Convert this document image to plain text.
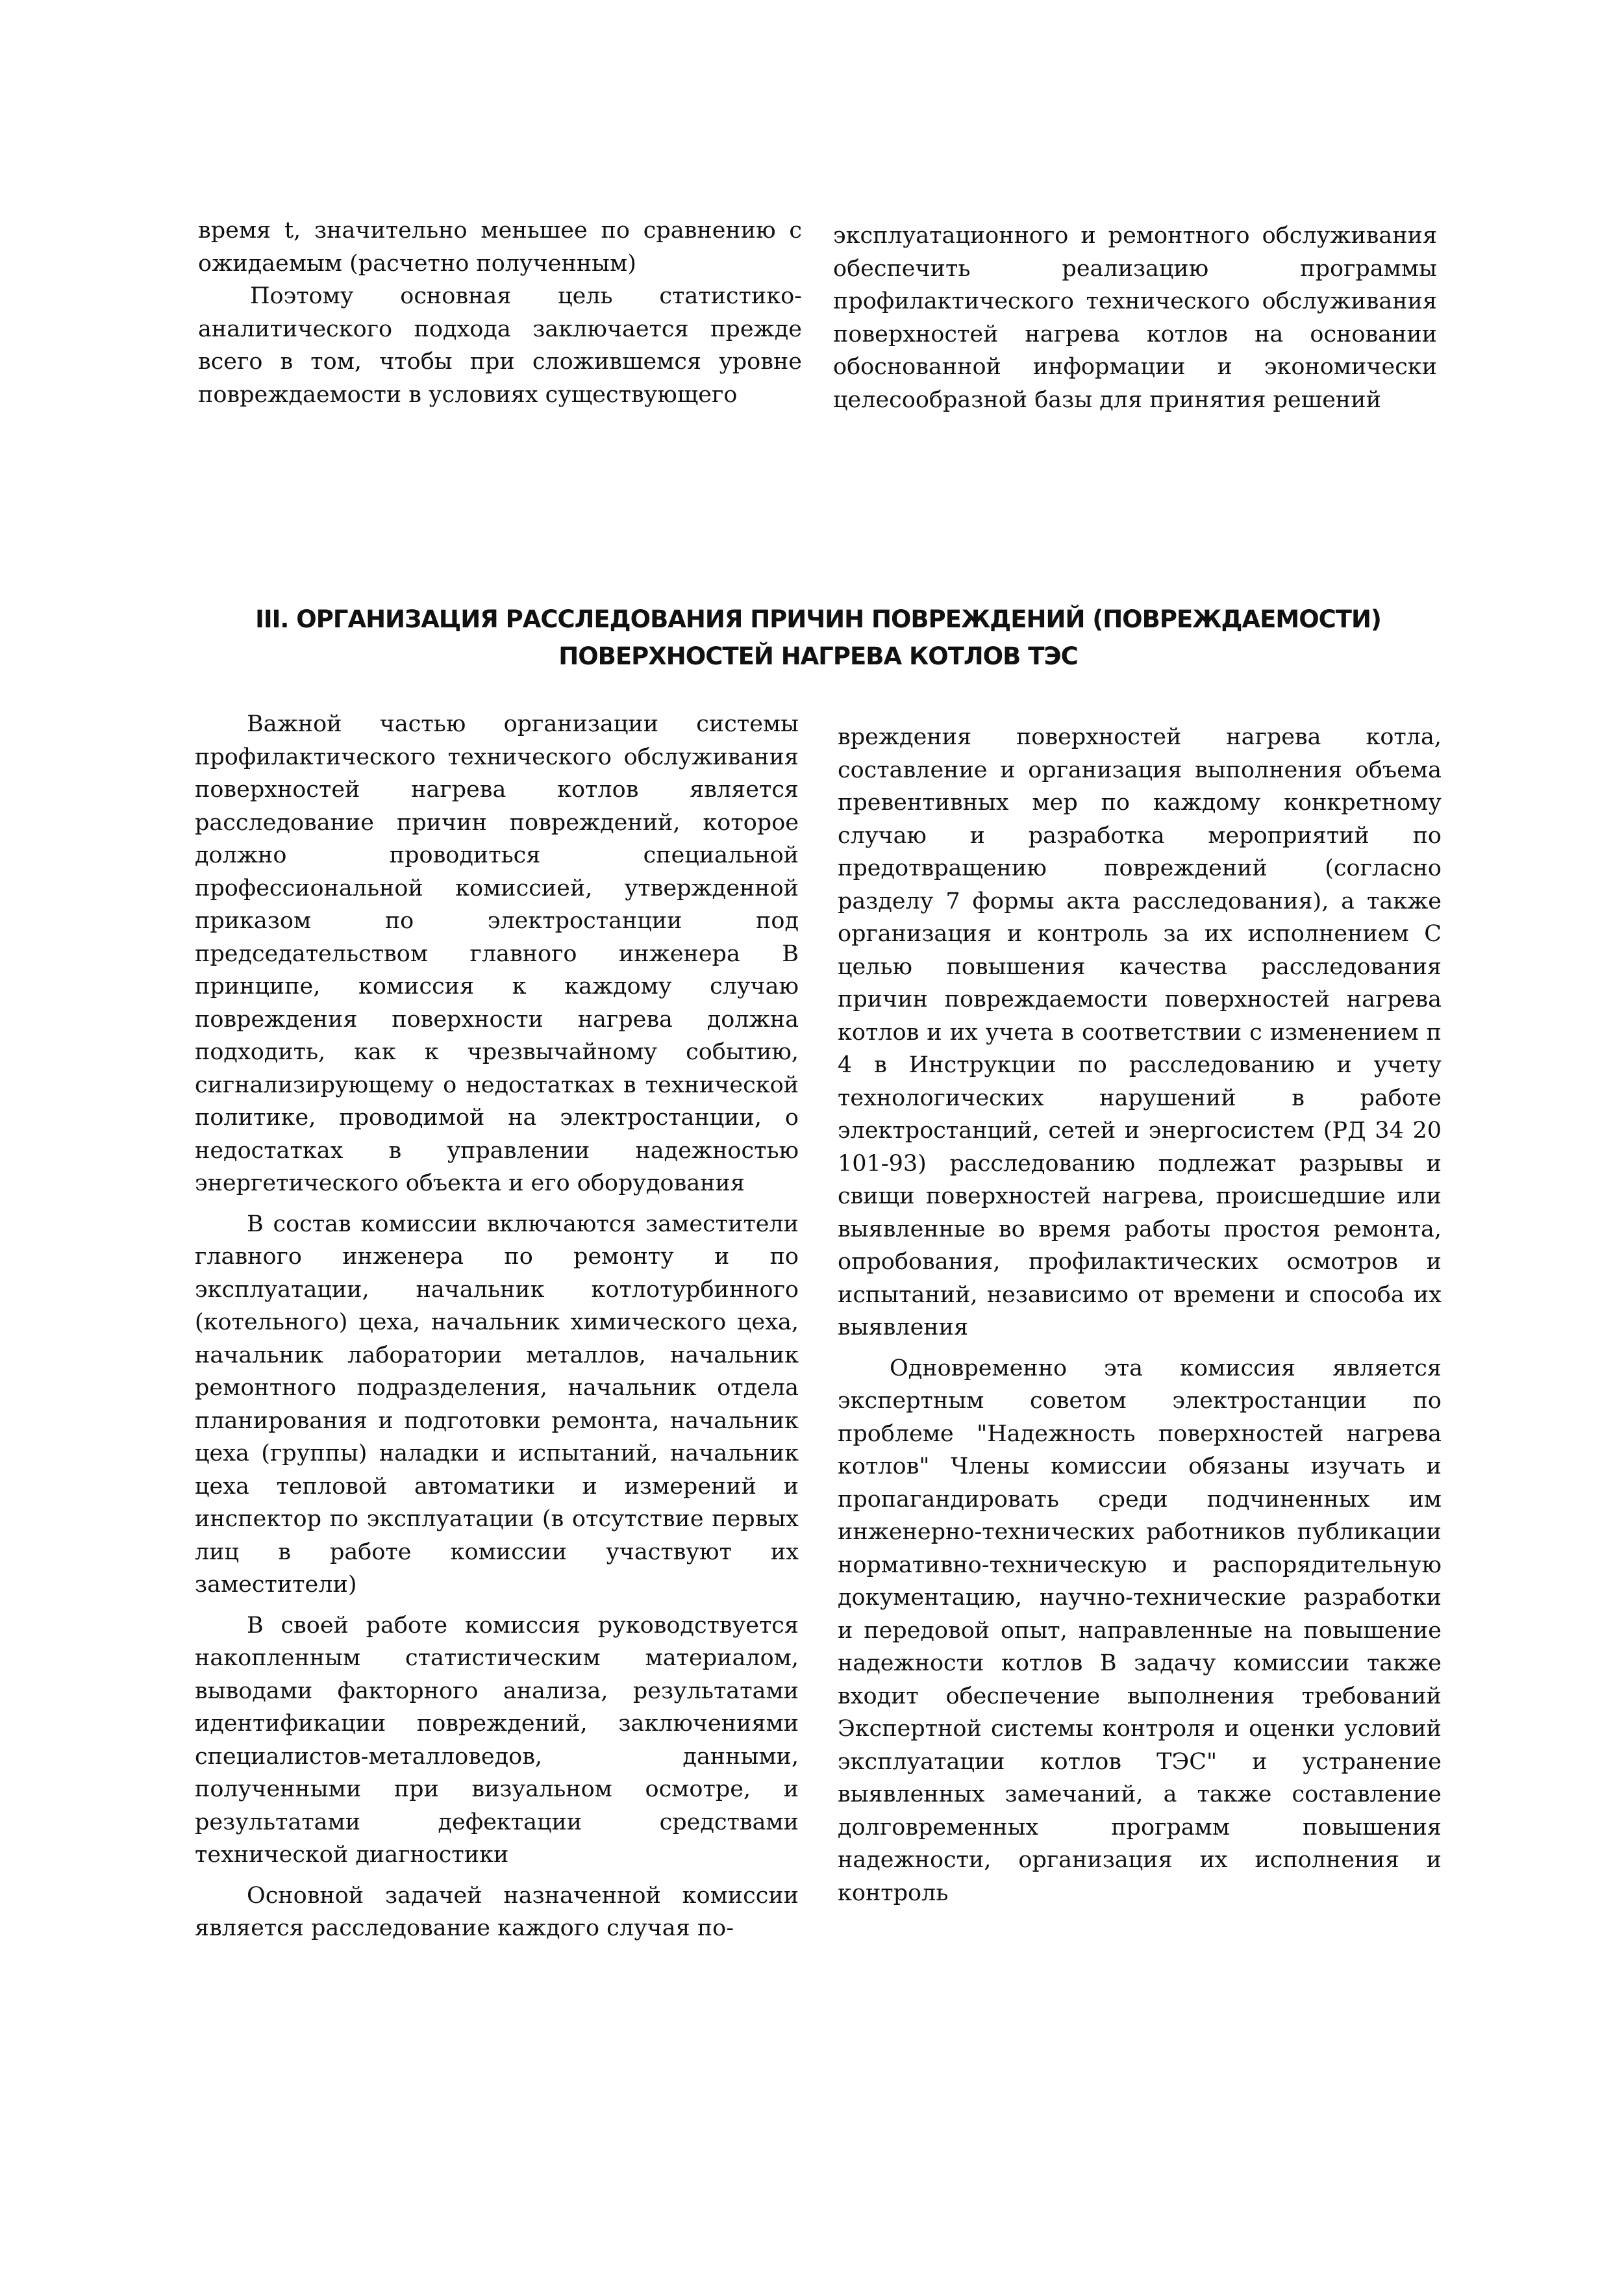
время t, значительно меньшее по сравнению с ожидаемым (расчетно полученным)

Поэтому основная цель статистико-аналитического подхода заключается прежде всего в том, чтобы при сложившемся уровне повреждаемости в условиях существующего

эксплуатационного и ремонтного обслуживания обеспечить реализацию программы профилактического технического обслуживания поверхностей нагрева котлов на основании обоснованной информации и экономически целесообразной базы для принятия решений

III. ОРГАНИЗАЦИЯ РАССЛЕДОВАНИЯ ПРИЧИН ПОВРЕЖДЕНИЙ (ПОВРЕЖДАЕМОСТИ)
ПОВЕРХНОСТЕЙ НАГРЕВА КОТЛОВ ТЭС

Важной частью организации системы профилактического технического обслуживания поверхностей нагрева котлов является расследование причин повреждений, которое должно проводиться специальной профессиональной комиссией, утвержденной приказом по электростанции под председательством главного инженера В принципе, комиссия к каждому случаю повреждения поверхности нагрева должна подходить, как к чрезвычайному событию, сигнализирующему о недостатках в технической политике, проводимой на электростанции, о недостатках в управлении надежностью энергетического объекта и его оборудования

В состав комиссии включаются заместители главного инженера по ремонту и по эксплуатации, начальник котлотурбинного (котельного) цеха, начальник химического цеха, начальник лаборатории металлов, начальник ремонтного подразделения, начальник отдела планирования и подготовки ремонта, начальник цеха (группы) наладки и испытаний, начальник цеха тепловой автоматики и измерений и инспектор по эксплуатации (в отсутствие первых лиц в работе комиссии участвуют их заместители)

В своей работе комиссия руководствуется накопленным статистическим материалом, выводами факторного анализа, результатами идентификации повреждений, заключениями специалистов-металловедов, данными, полученными при визуальном осмотре, и результатами дефектации средствами технической диагностики

Основной задачей назначенной комиссии является расследование каждого случая по-

вреждения поверхностей нагрева котла, составление и организация выполнения объема превентивных мер по каждому конкретному случаю и разработка мероприятий по предотвращению повреждений (согласно разделу 7 формы акта расследования), а также организация и контроль за их исполнением С целью повышения качества расследования причин повреждаемости поверхностей нагрева котлов и их учета в соответствии с изменением п 4 в Инструкции по расследованию и учету технологических нарушений в работе электростанций, сетей и энергосистем (РД 34 20 101-93) расследованию подлежат разрывы и свищи поверхностей нагрева, происшедшие или выявленные во время работы простоя ремонта, опробования, профилактических осмотров и испытаний, независимо от времени и способа их выявления

Одновременно эта комиссия является экспертным советом электростанции по проблеме "Надежность поверхностей нагрева котлов" Члены комиссии обязаны изучать и пропагандировать среди подчиненных им инженерно-технических работников публикации нормативно-техническую и распорядительную документацию, научно-технические разработки и передовой опыт, направленные на повышение надежности котлов В задачу комиссии также входит обеспечение выполнения требований Экспертной системы контроля и оценки условий эксплуатации котлов ТЭС" и устранение выявленных замечаний, а также составление долговременных программ повышения надежности, организация их исполнения и контроль
